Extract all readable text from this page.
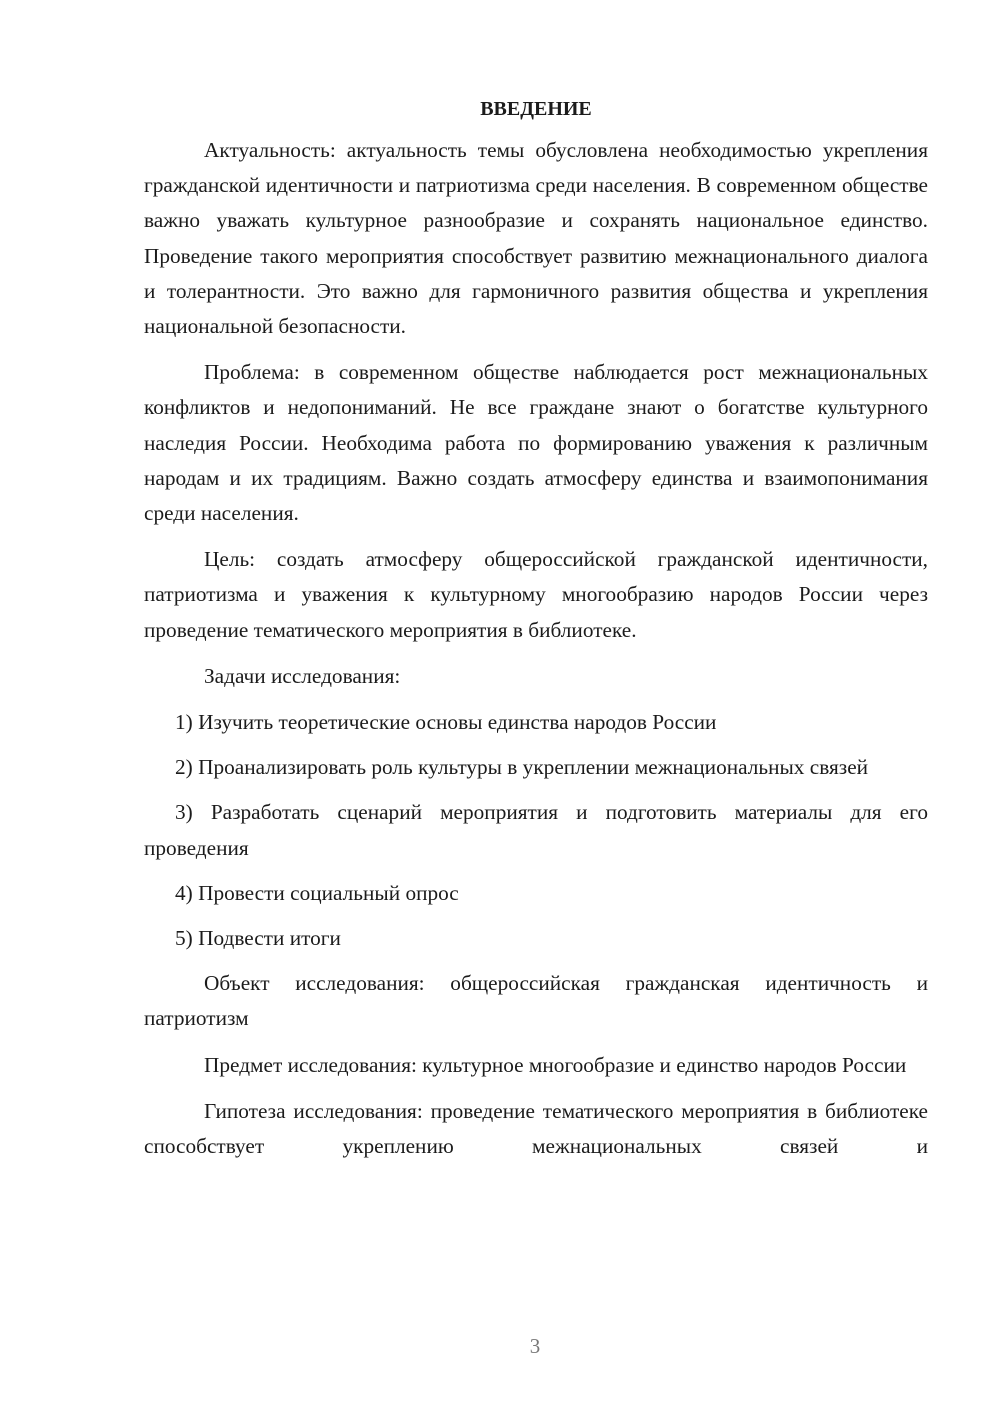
ВВЕДЕНИЕ

Актуальность: актуальность темы обусловлена необходимостью укрепления гражданской идентичности и патриотизма среди населения. В современном обществе важно уважать культурное разнообразие и сохранять национальное единство. Проведение такого мероприятия способствует развитию межнационального диалога и толерантности. Это важно для гармоничного развития общества и укрепления национальной безопасности.

Проблема: в современном обществе наблюдается рост межнациональных конфликтов и недопониманий. Не все граждане знают о богатстве культурного наследия России. Необходима работа по формированию уважения к различным народам и их традициям. Важно создать атмосферу единства и взаимопонимания среди населения.

Цель: создать атмосферу общероссийской гражданской идентичности, патриотизма и уважения к культурному многообразию народов России через проведение тематического мероприятия в библиотеке.

Задачи исследования:

1) Изучить теоретические основы единства народов России

2) Проанализировать роль культуры в укреплении межнациональных связей

3) Разработать сценарий мероприятия и подготовить материалы для его проведения

4) Провести социальный опрос

5) Подвести итоги

Объект исследования: общероссийская гражданская идентичность и патриотизм

Предмет исследования: культурное многообразие и единство народов России

Гипотеза исследования: проведение тематического мероприятия в библиотеке способствует укреплению межнациональных связей и

3
